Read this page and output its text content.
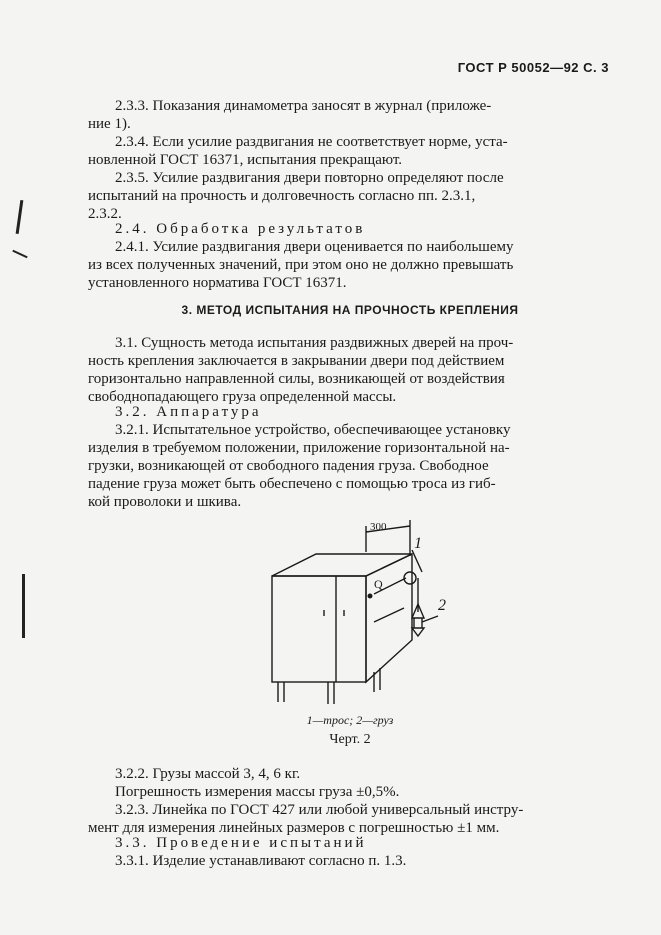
ГОСТ Р 50052—92 С. 3
2.3.3. Показания динамометра заносят в журнал (приложе-
ние 1).
2.3.4. Если усилие раздвигания не соответствует норме, уста-
новленной ГОСТ 16371, испытания прекращают.
2.3.5. Усилие раздвигания двери повторно определяют после
испытаний на прочность и долговечность согласно пп. 2.3.1,
2.3.2.
2.4. Обработка результатов
2.4.1. Усилие раздвигания двери оценивается по наибольшему
из всех полученных значений, при этом оно не должно превышать
установленного норматива ГОСТ 16371.
3. МЕТОД ИСПЫТАНИЯ НА ПРОЧНОСТЬ КРЕПЛЕНИЯ
3.1. Сущность метода испытания раздвижных дверей на проч-
ность крепления заключается в закрывании двери под действием
горизонтально направленной силы, возникающей от воздействия
свободнопадающего груза определенной массы.
3.2. Аппаратура
3.2.1. Испытательное устройство, обеспечивающее установку
изделия в требуемом положении, приложение горизонтальной на-
грузки, возникающей от свободного падения груза. Свободное
падение груза может быть обеспечено с помощью троса из гиб-
кой проволоки и шкива.
300
Q
1
2
1—трос; 2—груз
Черт. 2
3.2.2. Грузы массой 3, 4, 6 кг.
Погрешность измерения массы груза ±0,5%.
3.2.3. Линейка по ГОСТ 427 или любой универсальный инстру-
мент для измерения линейных размеров с погрешностью ±1 мм.
3.3. Проведение испытаний
3.3.1. Изделие устанавливают согласно п. 1.3.
